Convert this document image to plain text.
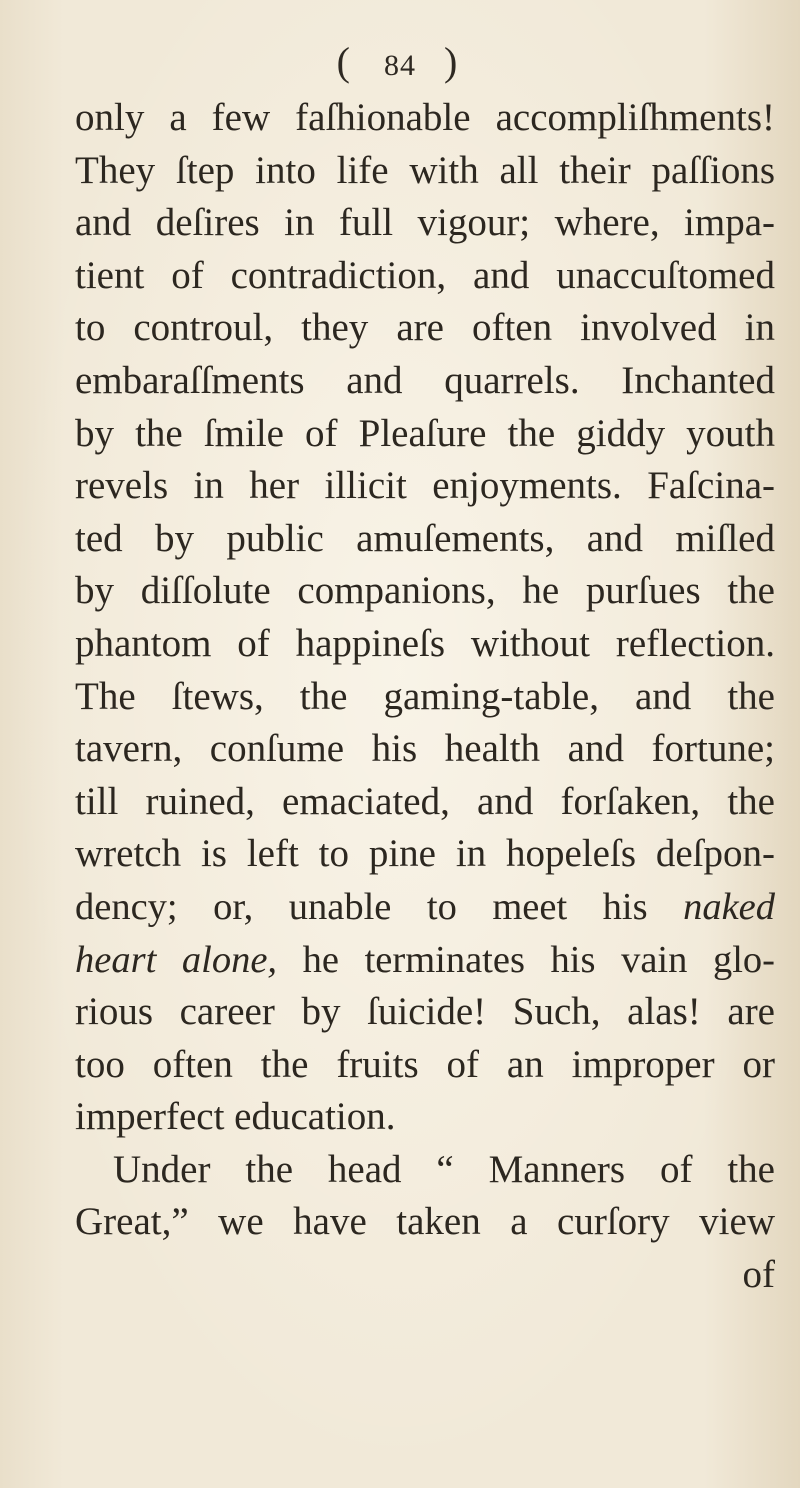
( 84 )
only a few faſhionable accompliſhments!
They ſtep into life with all their paſſions
and deſires in full vigour; where, impa-
tient of contradiction, and unaccuſtomed
to controul, they are often involved in
embaraſſments and quarrels. Inchanted
by the ſmile of Pleaſure the giddy youth
revels in her illicit enjoyments. Faſcina-
ted by public amuſements, and miſled
by diſſolute companions, he purſues the
phantom of happineſs without reflection.
The ſtews, the gaming-table, and the
tavern, conſume his health and fortune;
till ruined, emaciated, and forſaken, the
wretch is left to pine in hopeleſs deſpon-
dency; or, unable to meet his naked
heart alone, he terminates his vain glo-
rious career by ſuicide! Such, alas! are
too often the fruits of an improper or
imperfect education.
Under the head “ Manners of the
Great,” we have taken a curſory view
of
